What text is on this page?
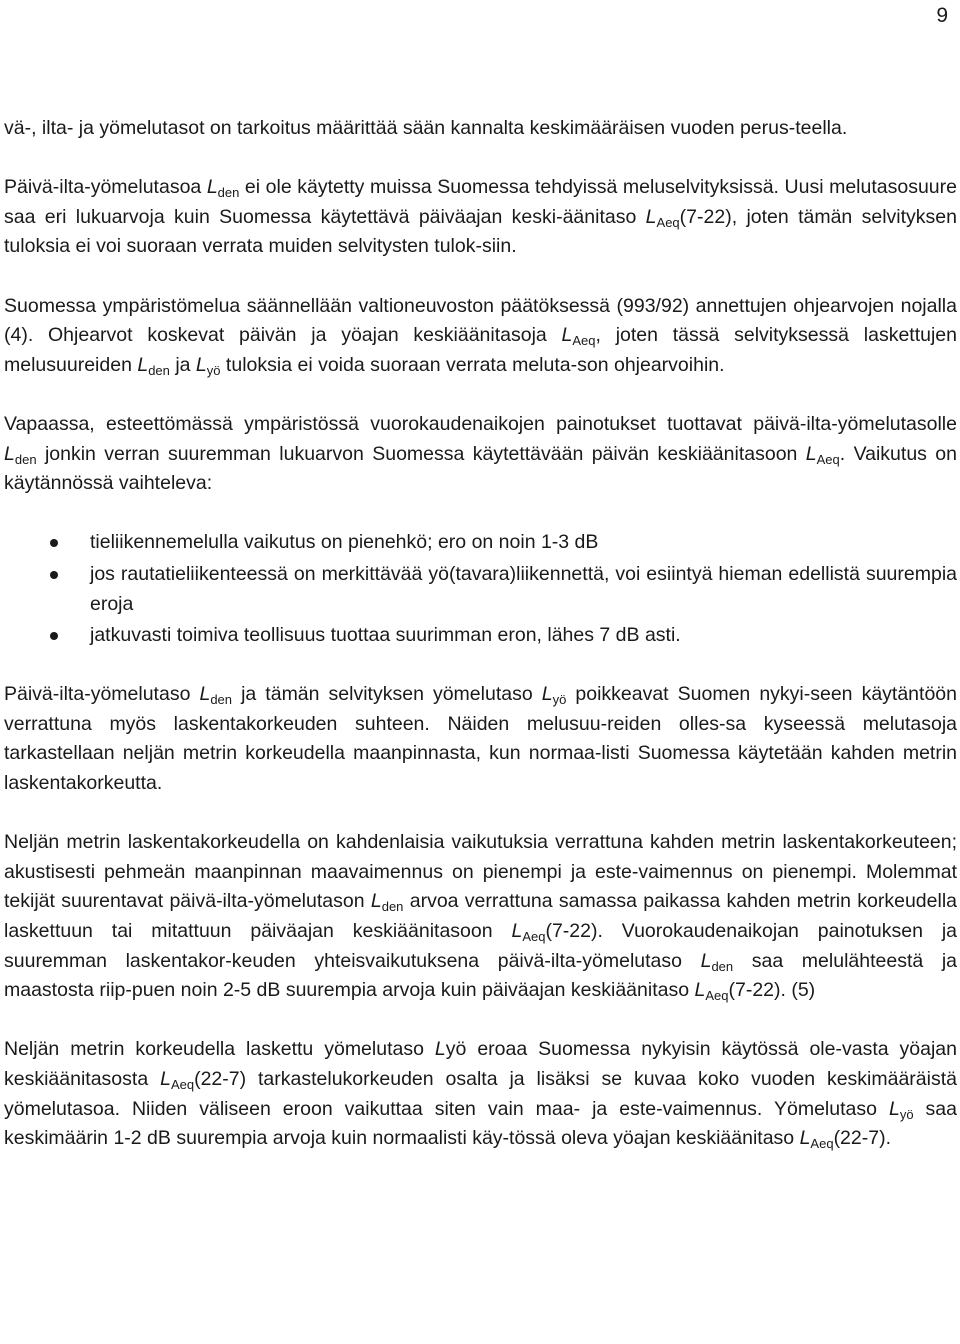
9

vä-, ilta- ja yömelutasot on tarkoitus määrittää sään kannalta keskimääräisen vuoden perus-teella.

Päivä-ilta-yömelutasoa $L_{den}$ ei ole käytetty muissa Suomessa tehdyissä meluselvityksissä. Uusi melutasosuure saa eri lukuarvoja kuin Suomessa käytettävä päiväajan keski-äänitaso $L_{Aeq}(7-22)$, joten tämän selvityksen tuloksia ei voi suoraan verrata muiden selvitysten tulok-siin.

Suomessa ympäristömelua säännellään valtioneuvoston päätöksessä (993/92) annettujen ohjearvojen nojalla (4). Ohjearvot koskevat päivän ja yöajan keskiäänitasoja $L_{Aeq}$, joten tässä selvityksessä laskettujen melusuureiden $L_{den}$ ja $L_{yö}$ tuloksia ei voida suoraan verrata meluta-son ohjearvoihin.

Vapaassa, esteettömässä ympäristössä vuorokaudenaikojen painotukset tuottavat päivä-ilta-yömelutasolle $L_{den}$ jonkin verran suuremman lukuarvon Suomessa käytettävään päivän keskiäänitasoon $L_{Aeq}$. Vaikutus on käytännössä vaihteleva:

tieliikennemelulla vaikutus on pienehkö; ero on noin 1-3 dB
jos rautatieliikenteessä on merkittävää yö(tavara)liikennettä, voi esiintyä hieman edellistä suurempia eroja
jatkuvasti toimiva teollisuus tuottaa suurimman eron, lähes 7 dB asti.

Päivä-ilta-yömelutaso $L_{den}$ ja tämän selvityksen yömelutaso $L_{yö}$ poikkeavat Suomen nykyi-seen käytäntöön verrattuna myös laskentakorkeuden suhteen. Näiden melusuu-reiden olles-sa kyseessä melutasoja tarkastellaan neljän metrin korkeudella maanpinnasta, kun normaa-listi Suomessa käytetään kahden metrin laskentakorkeutta.

Neljän metrin laskentakorkeudella on kahdenlaisia vaikutuksia verrattuna kahden metrin laskentakorkeuteen; akustisesti pehmeän maanpinnan maavaimennus on pienempi ja este-vaimennus on pienempi. Molemmat tekijät suurentavat päivä-ilta-yömelutason $L_{den}$ arvoa verrattuna samassa paikassa kahden metrin korkeudella laskettuun tai mitattuun päiväajan keskiäänitasoon $L_{Aeq}(7-22)$. Vuorokaudenaikojan painotuksen ja suuremman laskentakor-keuden yhteisvaikutuksena päivä-ilta-yömelutaso $L_{den}$ saa melulähteestä ja maastosta riip-puen noin 2-5 dB suurempia arvoja kuin päiväajan keskiäänitaso $L_{Aeq}(7-22)$. (5)

Neljän metrin korkeudella laskettu yömelutaso Lyö eroaa Suomessa nykyisin käytössä ole-vasta yöajan keskiäänitasosta $L_{Aeq}(22-7)$ tarkastelukorkeuden osalta ja lisäksi se kuvaa koko vuoden keskimääräistä yömelutasoa. Niiden väliseen eroon vaikuttaa siten vain maa- ja este-vaimennus. Yömelutaso $L_{yö}$ saa keskimäärin 1-2 dB suurempia arvoja kuin normaalisti käy-tössä oleva yöajan keskiäänitaso $L_{Aeq}(22-7)$.
